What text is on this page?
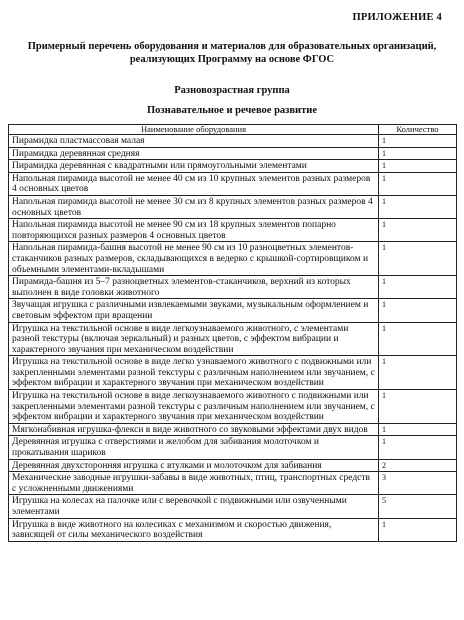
ПРИЛОЖЕНИЕ 4
Примерный перечень оборудования и материалов для образовательных организаций, реализующих Программу на основе ФГОС
Разновозрастная группа
Познавательное и речевое развитие
Наименование оборудования	Количество
Пирамидка пластмассовая малая	1
Пирамидка деревянная средняя	1
Пирамидка деревянная с квадратными или прямоугольными элементами	1
Напольная пирамида высотой не менее 40 см из 10 крупных элементов разных размеров 4 основных цветов	1
Напольная пирамида высотой не менее 30 см из 8 крупных элементов разных размеров 4 основных цветов	1
Напольная пирамида высотой не менее 90 см из 18 крупных элементов попарно повторяющихся разных размеров 4 основных цветов	1
Напольная пирамида-башня высотой не менее 90 см из 10 разноцветных элементов-стаканчиков разных размеров, складывающихся в ведерко с крышкой-сортировщиком и объемными элементами-вкладышами	1
Пирамида-башня из 5–7 разноцветных элементов-стаканчиков, верхний из которых выполнен в виде головки животного	1
Звучащая игрушка с различными извлекаемыми звуками, музыкальным оформлением и световым эффектом при вращении	1
Игрушка на текстильной основе в виде легкоузнаваемого животного, с элементами разной текстуры (включая зеркальный) и разных цветов, с эффектом вибрации и характерного звучания при механическом воздействии	1
Игрушка на текстильной основе в виде легко узнаваемого животного с подвижными или закрепленными элементами разной текстуры с различным наполнением или звучанием, с эффектом вибрации и характерного звучания при механическом воздействии	1
Игрушка на текстильной основе в виде легкоузнаваемого животного с подвижными или закрепленными элементами разной текстуры с различным наполнением или звучанием, с эффектом вибрации и характерного звучания при механическом воздействии	1
Мягконабивная игрушка-флекси в виде животного со звуковыми эффектами двух видов	1
Деревянная игрушка с отверстиями и желобом для забивания молоточком и прокатывания шариков	1
Деревянная двухсторонняя игрушка с втулками и молоточком для забивания	2
Механические заводные игрушки-забавы в виде животных, птиц, транспортных средств с усложненными движениями	3
Игрушка на колесах на палочке или с веревочкой с подвижными или озвученными элементами	5
Игрушка в виде животного на колесиках с механизмом и скоростью движения, зависящей от силы механического воздействия	1
